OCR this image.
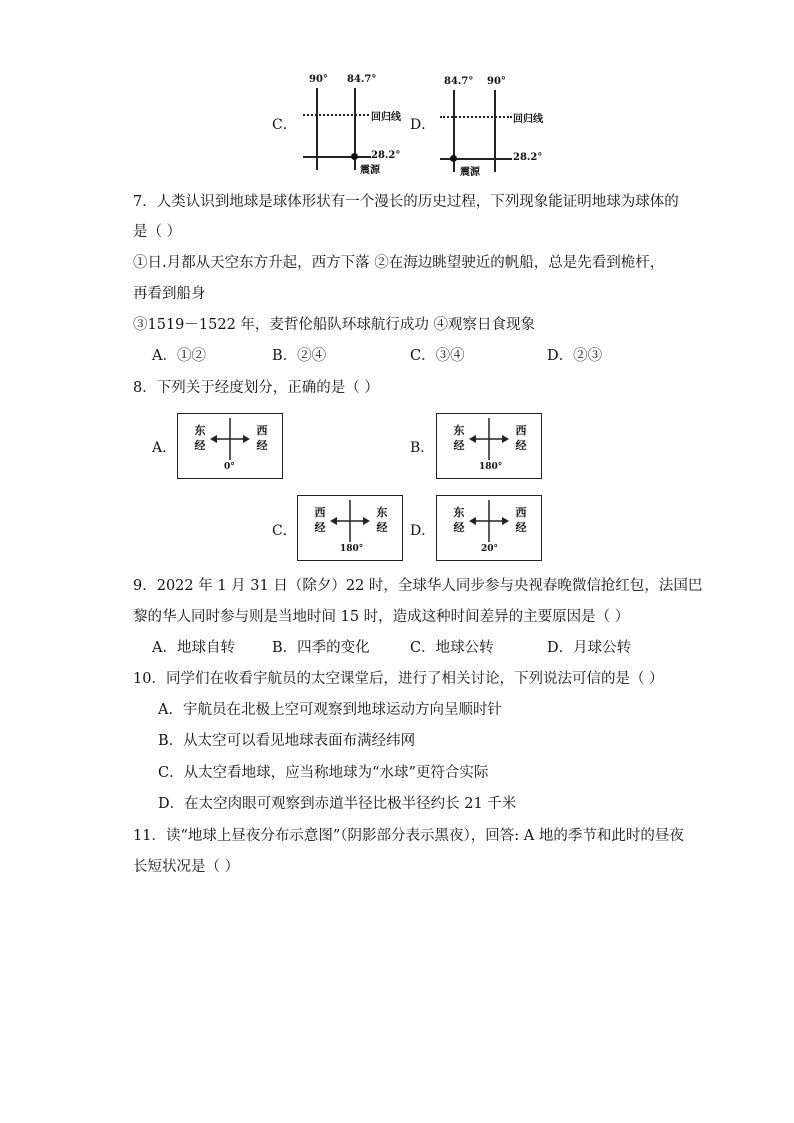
C．
90° 84.7°
回归线
28.2°
震源
D．
84.7° 90°
回归线
28.2°
震源
7．人类认识到地球是球体形状有一个漫长的历史过程，下列现象能证明地球为球体的
是（ ）
①日.月都从天空东方升起，西方下落 ②在海边眺望驶近的帆船，总是先看到桅杆，
再看到船身
③1519－1522 年，麦哲伦船队环球航行成功 ④观察日食现象
A．①②	B．②④	C．③④	D．②③
8．下列关于经度划分，正确的是（ ）
A．
东
经
西
经
0°
B．
东
经
西
经
180°
C．
西
经
东
经
180°
D．
东
经
西
经
20°
9．2022 年 1 月 31 日（除夕）22 时，全球华人同步参与央视春晚微信抢红包，法国巴
黎的华人同时参与则是当地时间 15 时，造成这种时间差异的主要原因是（ ）
A．地球自转	B．四季的变化	C．地球公转	D．月球公转
10．同学们在收看宇航员的太空课堂后，进行了相关讨论，下列说法可信的是（ ）
A．宇航员在北极上空可观察到地球运动方向呈顺时针
B．从太空可以看见地球表面布满经纬网
C．从太空看地球，应当称地球为“水球”更符合实际
D．在太空肉眼可观察到赤道半径比极半径约长 21 千米
11．读“地球上昼夜分布示意图”（阴影部分表示黑夜），回答: A 地的季节和此时的昼夜
长短状况是（ ）
